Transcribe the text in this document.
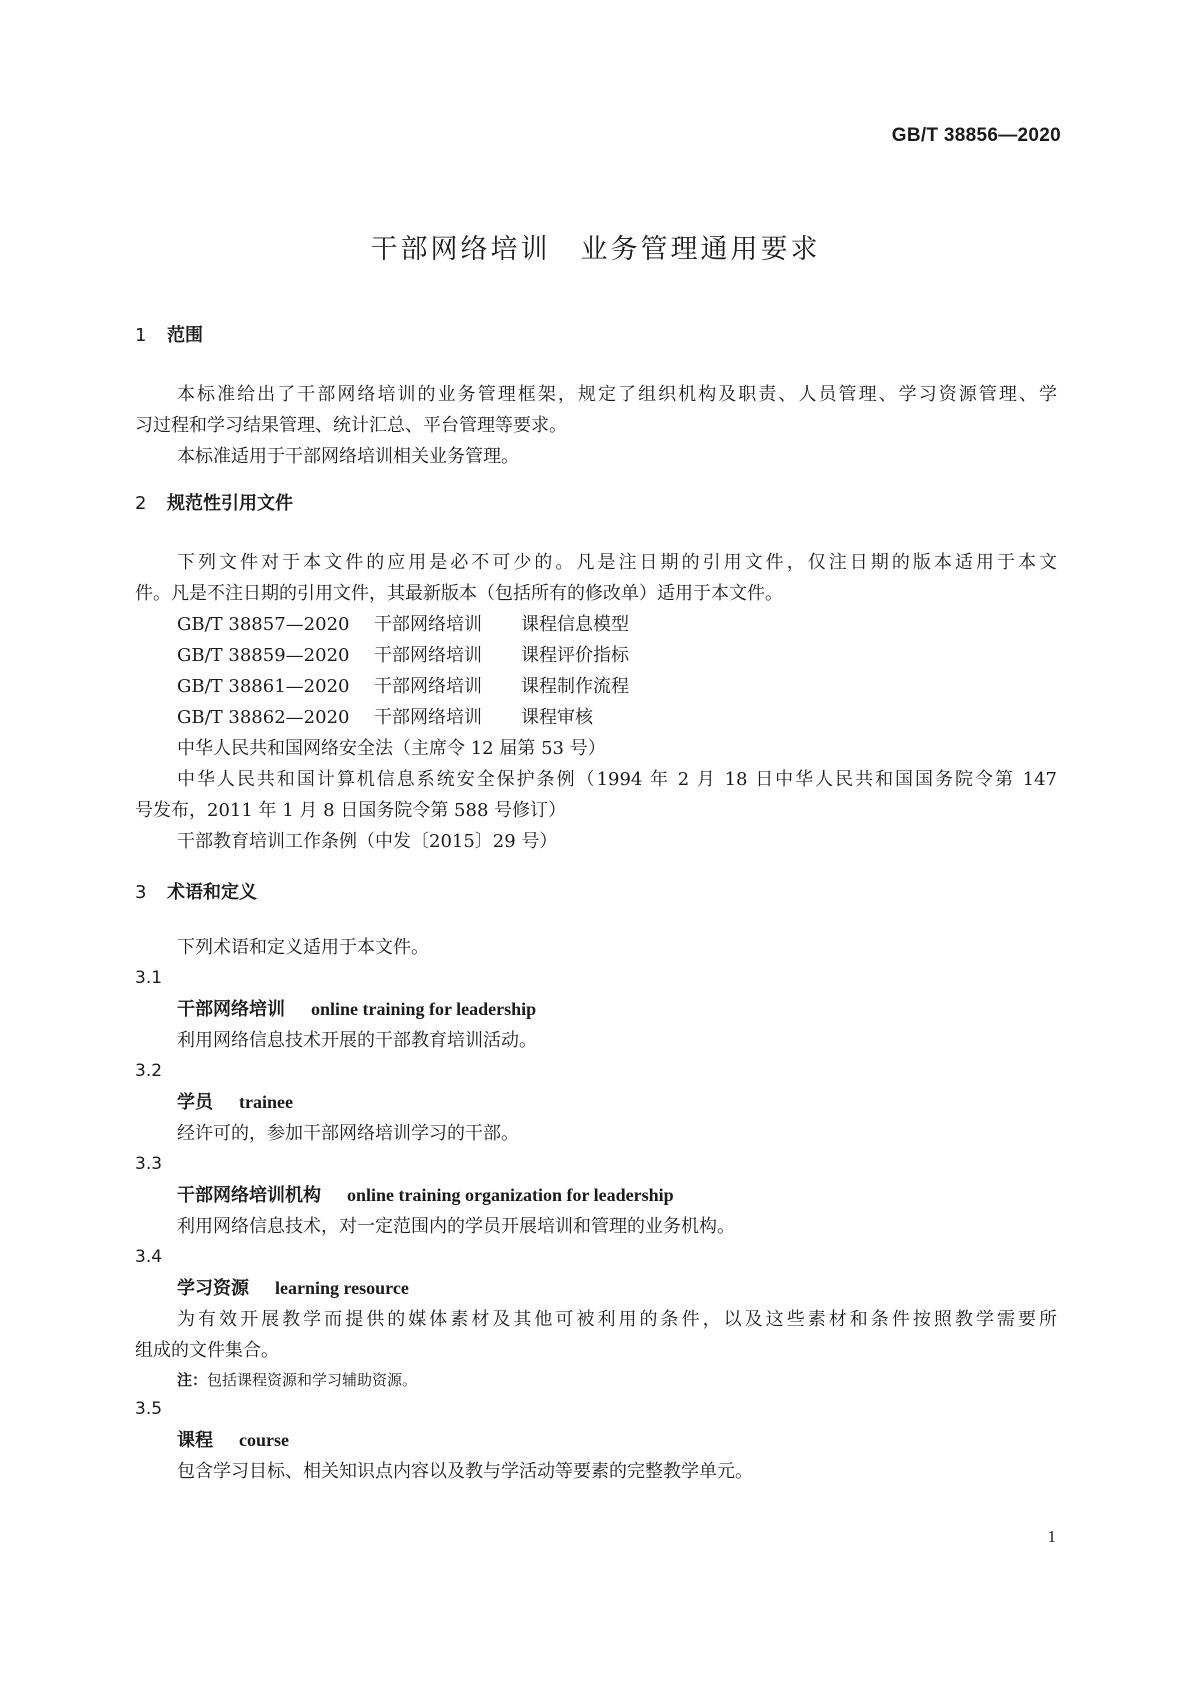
GB/T 38856—2020
干部网络培训　业务管理通用要求

1 范围

本标准给出了干部网络培训的业务管理框架，规定了组织机构及职责、人员管理、学习资源管理、学

习过程和学习结果管理、统计汇总、平台管理等要求。

本标准适用于干部网络培训相关业务管理。

2 规范性引用文件

下列文件对于本文件的应用是必不可少的。凡是注日期的引用文件，仅注日期的版本适用于本文

件。凡是不注日期的引用文件，其最新版本（包括所有的修改单）适用于本文件。

GB/T 38857—2020	干部网络培训	课程信息模型
GB/T 38859—2020	干部网络培训	课程评价指标
GB/T 38861—2020	干部网络培训	课程制作流程
GB/T 38862—2020	干部网络培训	课程审核

中华人民共和国网络安全法（主席令 12 届第 53 号）

中华人民共和国计算机信息系统安全保护条例（1994 年 2 月 18 日中华人民共和国国务院令第 147

号发布，2011 年 1 月 8 日国务院令第 588 号修订）

干部教育培训工作条例（中发〔2015〕29 号）

3 术语和定义

下列术语和定义适用于本文件。

3.1

干部网络培训 online training for leadership

利用网络信息技术开展的干部教育培训活动。

3.2

学员 trainee

经许可的，参加干部网络培训学习的干部。

3.3

干部网络培训机构 online training organization for leadership

利用网络信息技术，对一定范围内的学员开展培训和管理的业务机构。

3.4

学习资源 learning resource

为有效开展教学而提供的媒体素材及其他可被利用的条件，以及这些素材和条件按照教学需要所

组成的文件集合。

注：包括课程资源和学习辅助资源。

3.5

课程 course

包含学习目标、相关知识点内容以及教与学活动等要素的完整教学单元。

1
